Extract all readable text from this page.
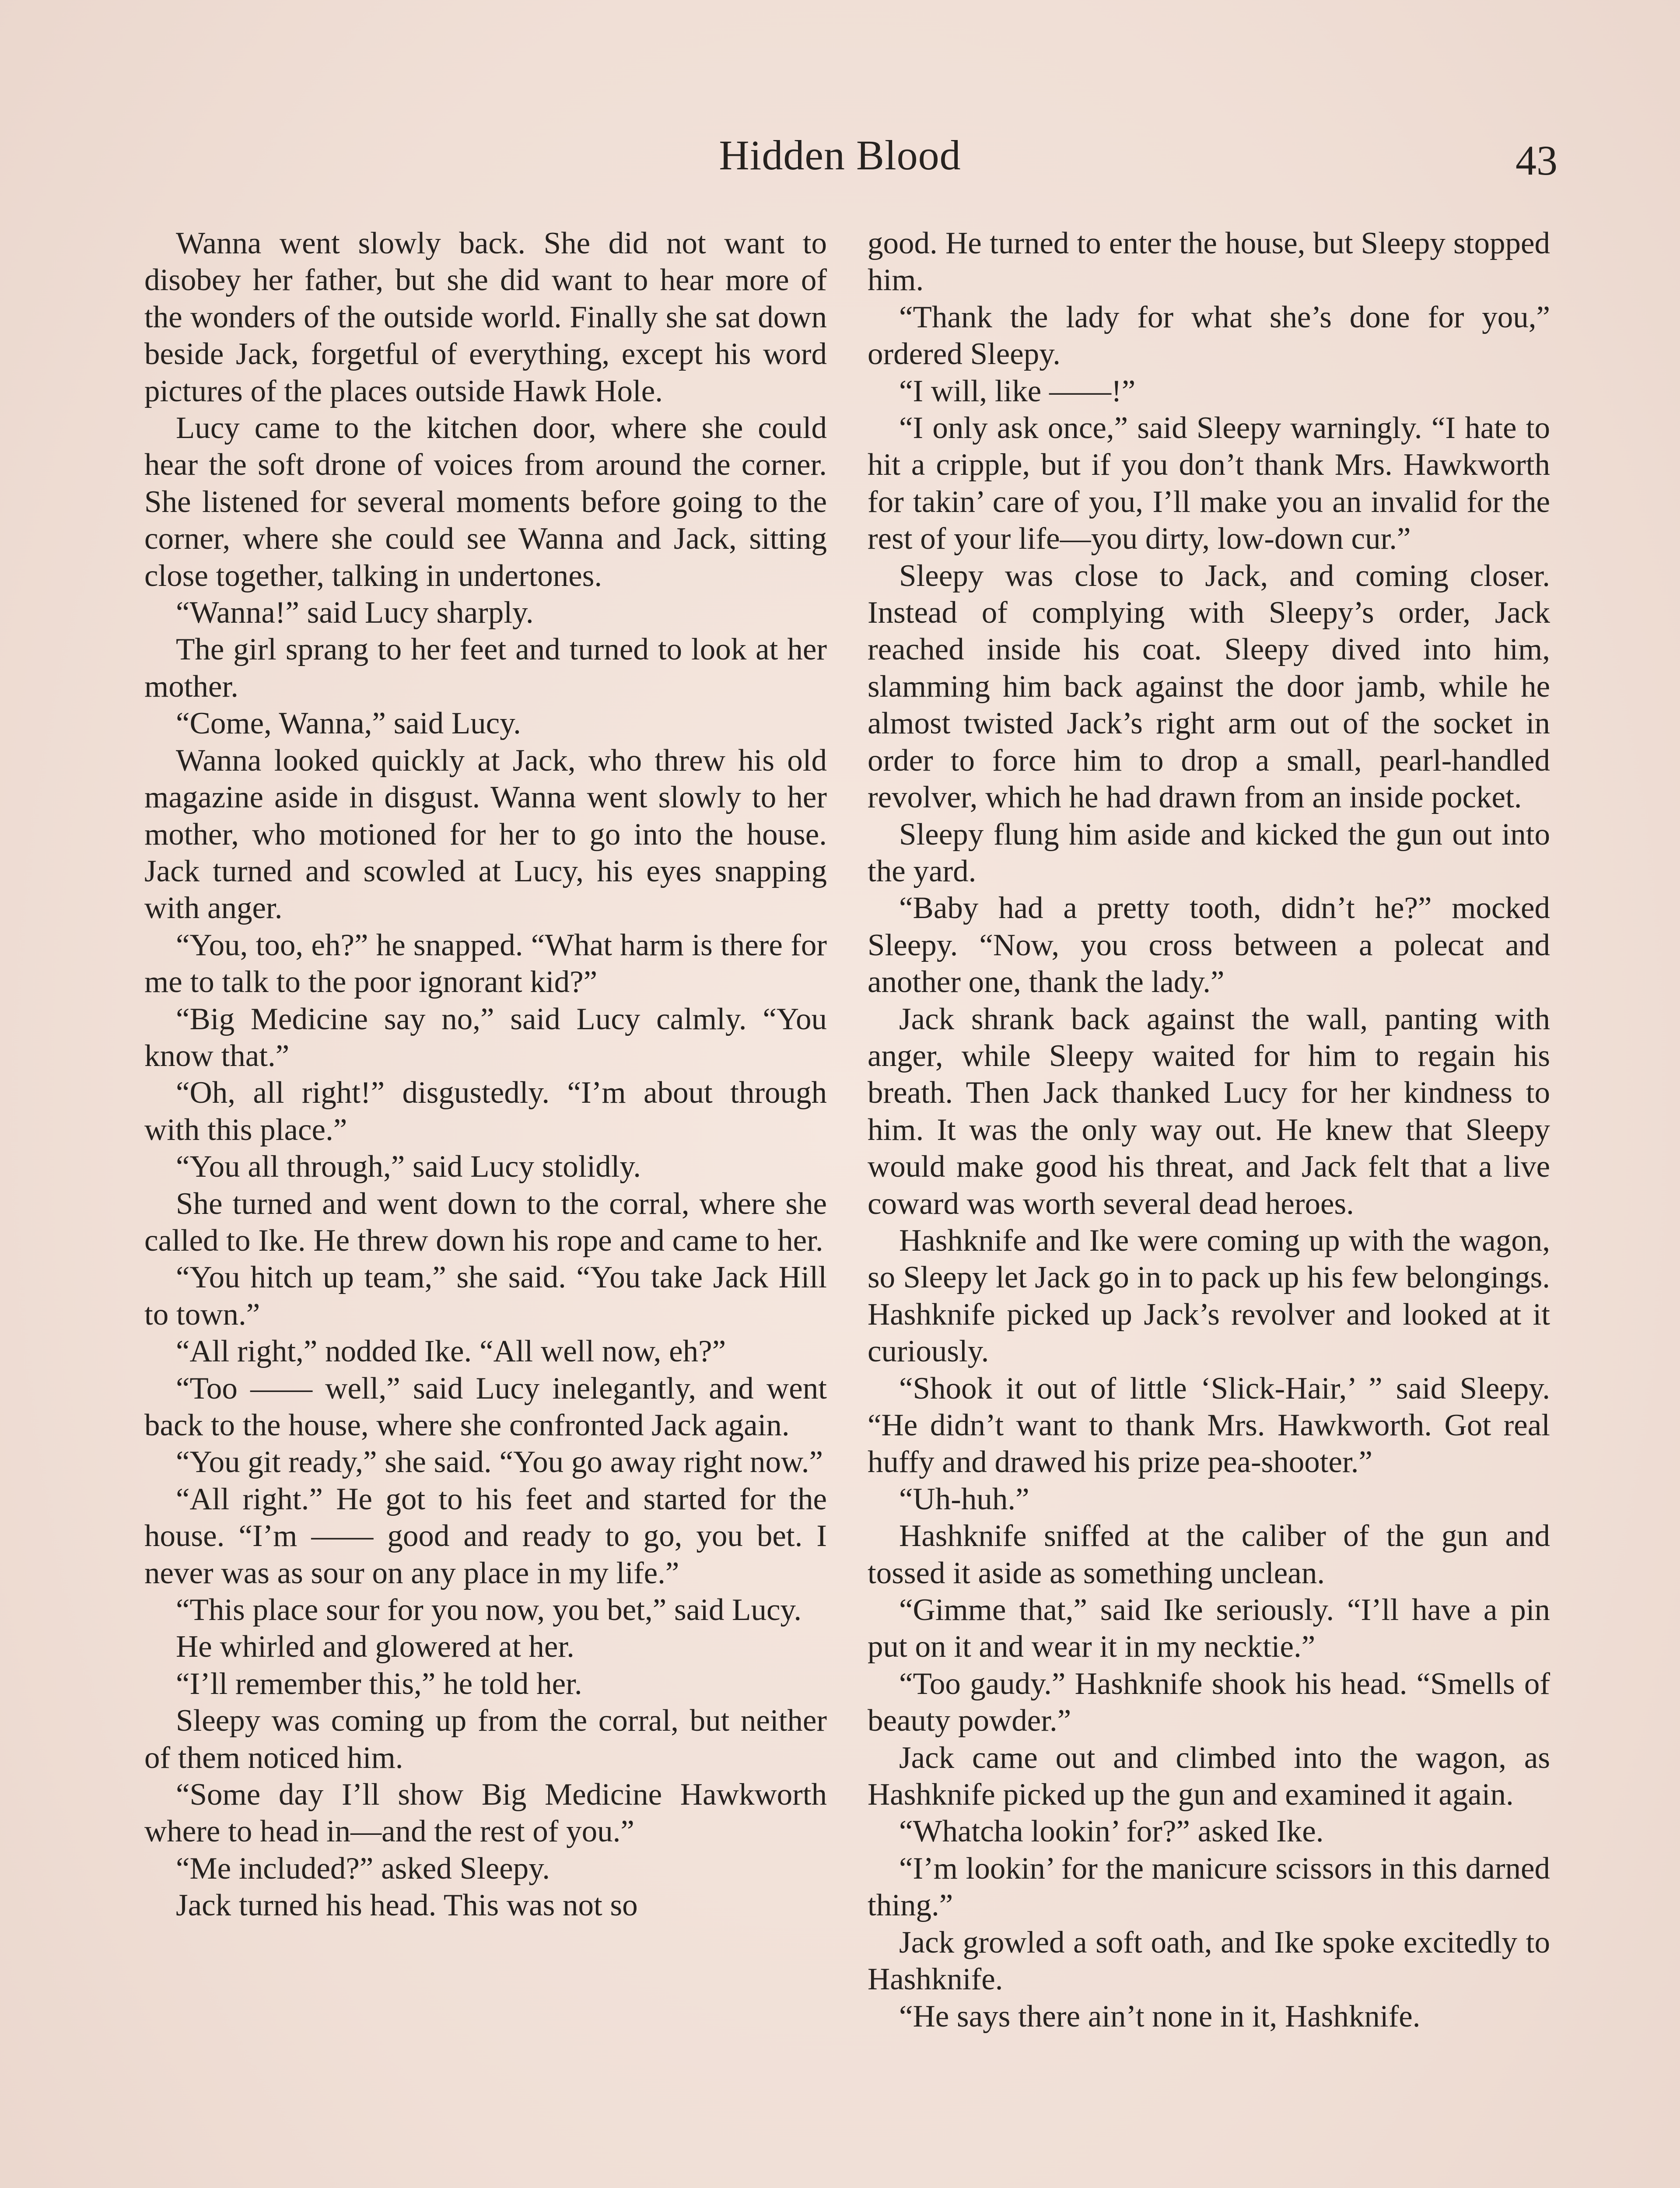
Hidden Blood	43

Wanna went slowly back. She did not want to disobey her father, but she did want to hear more of the wonders of the outside world. Finally she sat down beside Jack, forgetful of everything, except his word pictures of the places outside Hawk Hole.

Lucy came to the kitchen door, where she could hear the soft drone of voices from around the corner. She listened for several moments before going to the corner, where she could see Wanna and Jack, sitting close together, talking in undertones.

“Wanna!” said Lucy sharply.

The girl sprang to her feet and turned to look at her mother.

“Come, Wanna,” said Lucy.

Wanna looked quickly at Jack, who threw his old magazine aside in disgust. Wanna went slowly to her mother, who motioned for her to go into the house. Jack turned and scowled at Lucy, his eyes snapping with anger.

“You, too, eh?” he snapped. “What harm is there for me to talk to the poor ignorant kid?”

“Big Medicine say no,” said Lucy calmly. “You know that.”

“Oh, all right!” disgustedly. “I’m about through with this place.”

“You all through,” said Lucy stolidly.

She turned and went down to the corral, where she called to Ike. He threw down his rope and came to her.

“You hitch up team,” she said. “You take Jack Hill to town.”

“All right,” nodded Ike. “All well now, eh?”

“Too —— well,” said Lucy inelegantly, and went back to the house, where she confronted Jack again.

“You git ready,” she said. “You go away right now.”

“All right.” He got to his feet and started for the house. “I’m —— good and ready to go, you bet. I never was as sour on any place in my life.”

“This place sour for you now, you bet,” said Lucy.

He whirled and glowered at her.

“I’ll remember this,” he told her.

Sleepy was coming up from the corral, but neither of them noticed him.

“Some day I’ll show Big Medicine Hawkworth where to head in—and the rest of you.”

“Me included?” asked Sleepy.

Jack turned his head. This was not so

good. He turned to enter the house, but Sleepy stopped him.

“Thank the lady for what she’s done for you,” ordered Sleepy.

“I will, like ——!”

“I only ask once,” said Sleepy warningly. “I hate to hit a cripple, but if you don’t thank Mrs. Hawkworth for takin’ care of you, I’ll make you an invalid for the rest of your life—you dirty, low-down cur.”

Sleepy was close to Jack, and coming closer. Instead of complying with Sleepy’s order, Jack reached inside his coat. Sleepy dived into him, slamming him back against the door jamb, while he almost twisted Jack’s right arm out of the socket in order to force him to drop a small, pearl-handled revolver, which he had drawn from an inside pocket.

Sleepy flung him aside and kicked the gun out into the yard.

“Baby had a pretty tooth, didn’t he?” mocked Sleepy. “Now, you cross between a polecat and another one, thank the lady.”

Jack shrank back against the wall, panting with anger, while Sleepy waited for him to regain his breath. Then Jack thanked Lucy for her kindness to him. It was the only way out. He knew that Sleepy would make good his threat, and Jack felt that a live coward was worth several dead heroes.

Hashknife and Ike were coming up with the wagon, so Sleepy let Jack go in to pack up his few belongings. Hashknife picked up Jack’s revolver and looked at it curiously.

“Shook it out of little ‘Slick-Hair,’ ” said Sleepy. “He didn’t want to thank Mrs. Hawkworth. Got real huffy and drawed his prize pea-shooter.”

“Uh-huh.”

Hashknife sniffed at the caliber of the gun and tossed it aside as something unclean.

“Gimme that,” said Ike seriously. “I’ll have a pin put on it and wear it in my necktie.”

“Too gaudy.” Hashknife shook his head. “Smells of beauty powder.”

Jack came out and climbed into the wagon, as Hashknife picked up the gun and examined it again.

“Whatcha lookin’ for?” asked Ike.

“I’m lookin’ for the manicure scissors in this darned thing.”

Jack growled a soft oath, and Ike spoke excitedly to Hashknife.

“He says there ain’t none in it, Hashknife.
